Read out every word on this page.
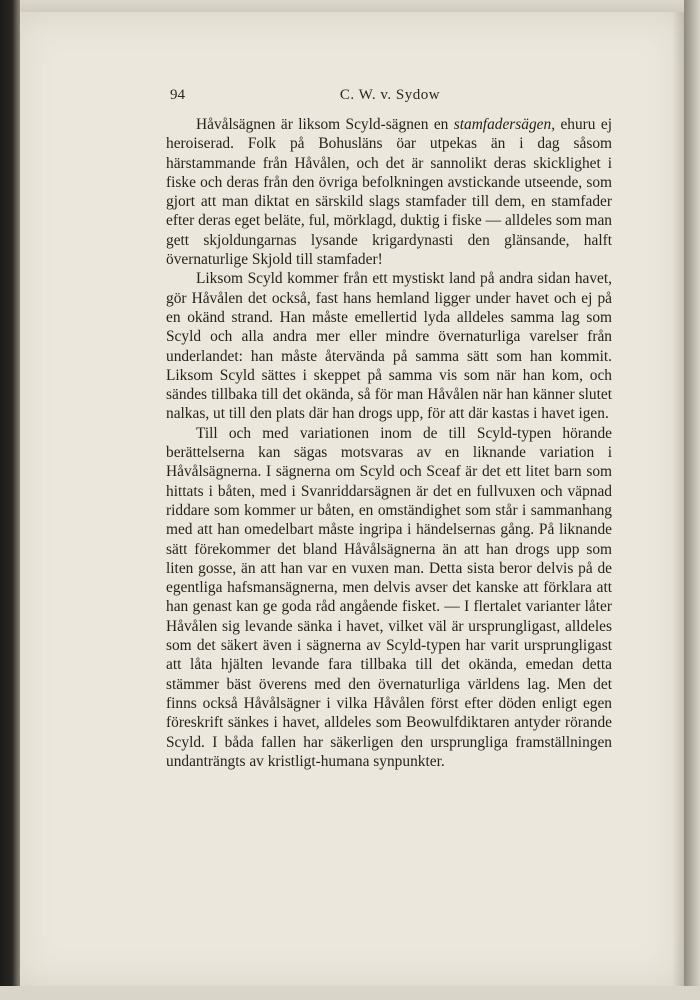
94	C. W. v. Sydow

Håvålsägnen är liksom Scyld-sägnen en stamfadersägen, ehuru ej heroiserad. Folk på Bohusläns öar utpekas än i dag såsom härstammande från Håvålen, och det är sannolikt deras skicklighet i fiske och deras från den övriga befolkningen avstickande utseende, som gjort att man diktat en särskild slags stamfader till dem, en stamfader efter deras eget beläte, ful, mörklagd, duktig i fiske — alldeles som man gett skjoldungarnas lysande krigardynasti den glänsande, halft övernaturlige Skjold till stamfader!

Liksom Scyld kommer från ett mystiskt land på andra sidan havet, gör Håvålen det också, fast hans hemland ligger under havet och ej på en okänd strand. Han måste emellertid lyda alldeles samma lag som Scyld och alla andra mer eller mindre övernaturliga varelser från underlandet: han måste återvända på samma sätt som han kommit. Liksom Scyld sättes i skeppet på samma vis som när han kom, och sändes tillbaka till det okända, så för man Håvålen när han känner slutet nalkas, ut till den plats där han drogs upp, för att där kastas i havet igen.

Till och med variationen inom de till Scyld-typen hörande berättelserna kan sägas motsvaras av en liknande variation i Håvålsägnerna. I sägnerna om Scyld och Sceaf är det ett litet barn som hittats i båten, med i Svanriddarsägnen är det en fullvuxen och väpnad riddare som kommer ur båten, en omständighet som står i sammanhang med att han omedelbart måste ingripa i händelsernas gång. På liknande sätt förekommer det bland Håvålsägnerna än att han drogs upp som liten gosse, än att han var en vuxen man. Detta sista beror delvis på de egentliga hafsmansägnerna, men delvis avser det kanske att förklara att han genast kan ge goda råd angående fisket. — I flertalet varianter låter Håvålen sig levande sänka i havet, vilket väl är ursprungligast, alldeles som det säkert även i sägnerna av Scyld-typen har varit ursprungligast att låta hjälten levande fara tillbaka till det okända, emedan detta stämmer bäst överens med den övernaturliga världens lag. Men det finns också Håvålsägner i vilka Håvålen först efter döden enligt egen föreskrift sänkes i havet, alldeles som Beowulfdiktaren antyder rörande Scyld. I båda fallen har säkerligen den ursprungliga framställningen undanträngts av kristligt-humana synpunkter.
